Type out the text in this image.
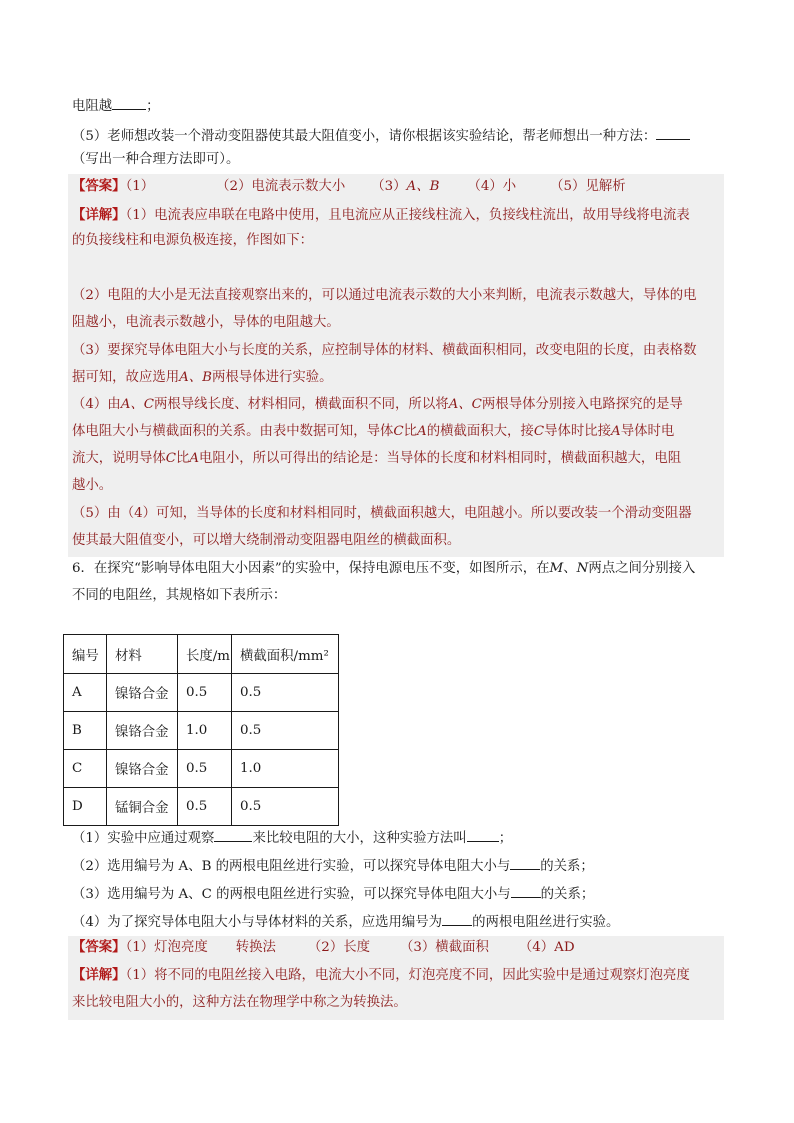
电阻越	；
（5）老师想改装一个滑动变阻器使其最大阻值变小，请你根据该实验结论，帮老师想出一种方法：
（写出一种合理方法即可）。
【答案】（1）	（2）电流表示数大小 （3）A、B （4）小	（5）见解析
【详解】（1）电流表应串联在电路中使用，且电流应从正接线柱流入，负接线柱流出，故用导线将电流表
的负接线柱和电源负极连接，作图如下：
（2）电阻的大小是无法直接观察出来的，可以通过电流表示数的大小来判断，电流表示数越大，导体的电
阻越小，电流表示数越小，导体的电阻越大。
（3）要探究导体电阻大小与长度的关系，应控制导体的材料、横截面积相同，改变电阻的长度，由表格数
据可知，故应选用A、B两根导体进行实验。
（4）由A、C两根导线长度、材料相同，横截面积不同，所以将A、C两根导体分别接入电路探究的是导
体电阻大小与横截面积的关系。由表中数据可知，导体C比A的横截面积大，接C导体时比接A导体时电
流大，说明导体C比A电阻小，所以可得出的结论是：当导体的长度和材料相同时，横截面积越大，电阻
越小。
（5）由（4）可知，当导体的长度和材料相同时，横截面积越大，电阻越小。所以要改装一个滑动变阻器
使其最大阻值变小，可以增大绕制滑动变阻器电阻丝的横截面积。
6．在探究“影响导体电阻大小因素”的实验中，保持电源电压不变，如图所示，在M、N两点之间分别接入
不同的电阻丝，其规格如下表所示：
编号	材料	长度/m	横截面积/mm²
A	镍铬合金	0.5	0.5
B	镍铬合金	1.0	0.5
C	镍铬合金	0.5	1.0
D	锰铜合金	0.5	0.5
（1）实验中应通过观察	来比较电阻的大小，这种实验方法叫 ；
（2）选用编号为 A、B 的两根电阻丝进行实验，可以探究导体电阻大小与 的关系；
（3）选用编号为 A、C 的两根电阻丝进行实验，可以探究导体电阻大小与 的关系；
（4）为了探究导体电阻大小与导体材料的关系，应选用编号为 的两根电阻丝进行实验。
【答案】（1）灯泡亮度 转换法 （2）长度 （3）横截面积 （4）AD
【详解】（1）将不同的电阻丝接入电路，电流大小不同，灯泡亮度不同，因此实验中是通过观察灯泡亮度
来比较电阻大小的，这种方法在物理学中称之为转换法。
